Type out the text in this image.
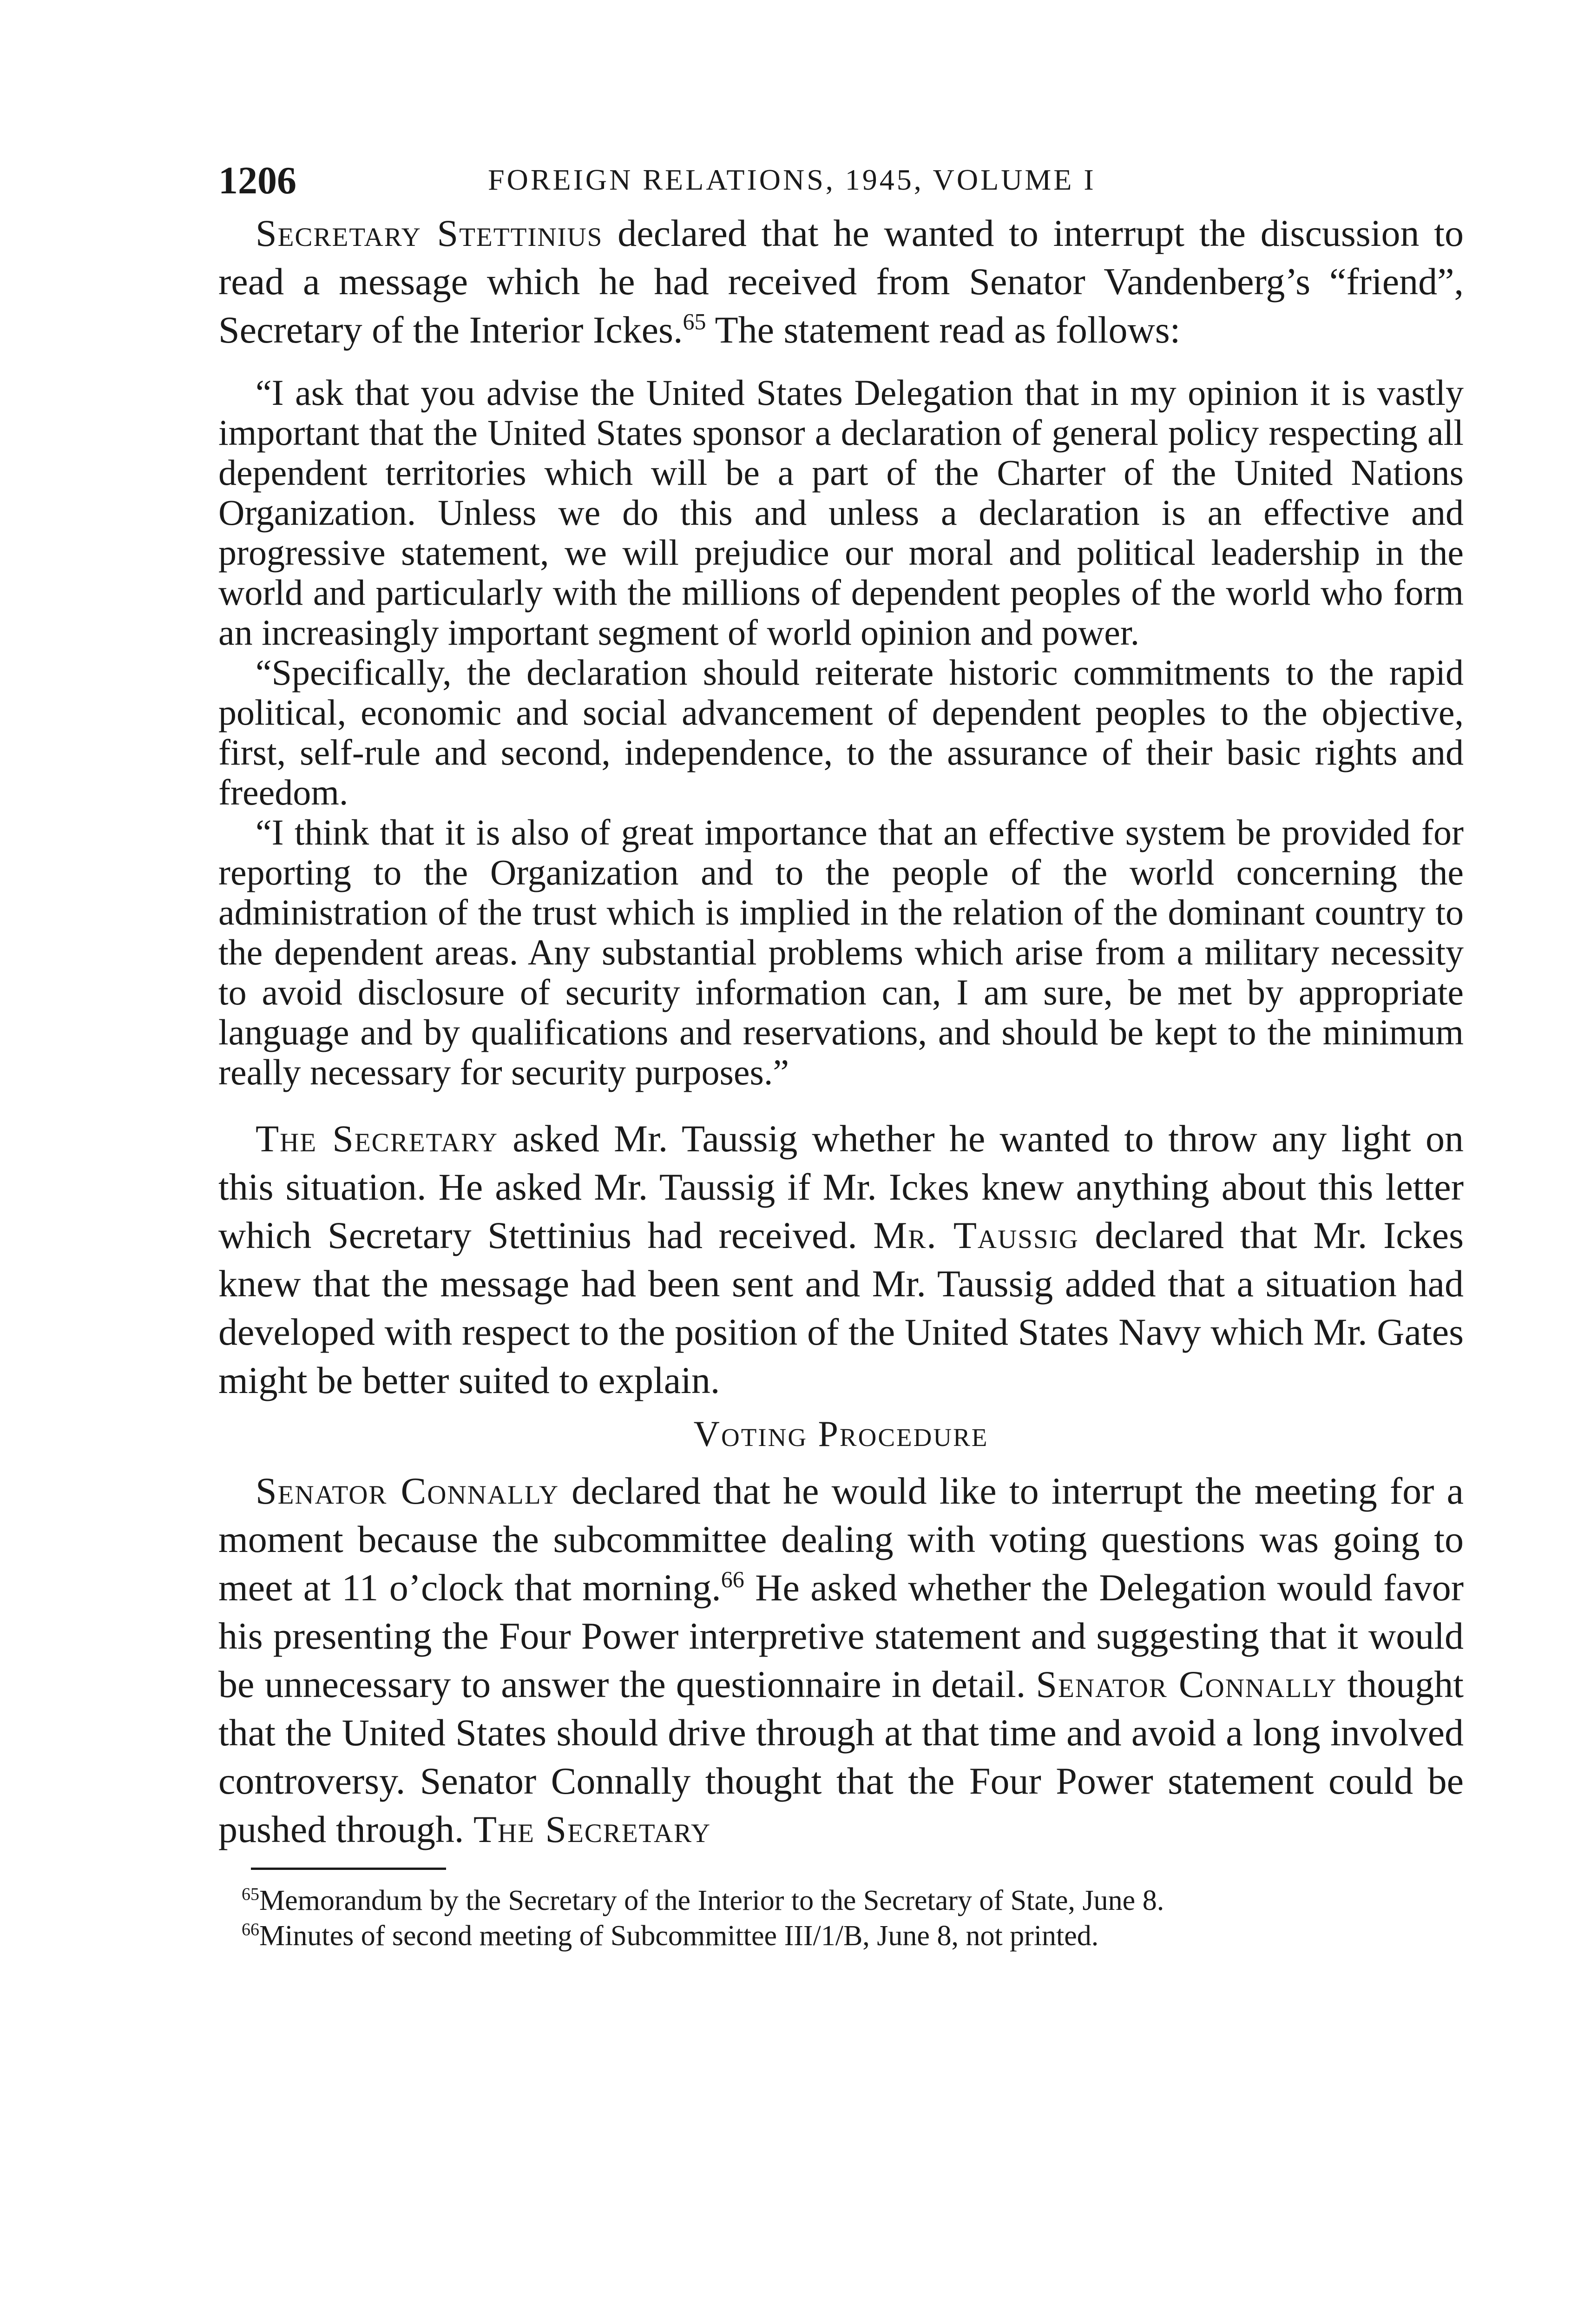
1206	FOREIGN RELATIONS, 1945, VOLUME I

Secretary Stettinius declared that he wanted to interrupt the discussion to read a message which he had received from Senator Vandenberg’s “friend”, Secretary of the Interior Ickes.$^{65}$ The statement read as follows:

“I ask that you advise the United States Delegation that in my opinion it is vastly important that the United States sponsor a declaration of general policy respecting all dependent territories which will be a part of the Charter of the United Nations Organization. Unless we do this and unless a declaration is an effective and progressive statement, we will prejudice our moral and political leadership in the world and particularly with the millions of dependent peoples of the world who form an increasingly important segment of world opinion and power.

“Specifically, the declaration should reiterate historic commitments to the rapid political, economic and social advancement of dependent peoples to the objective, first, self-rule and second, independence, to the assurance of their basic rights and freedom.

“I think that it is also of great importance that an effective system be provided for reporting to the Organization and to the people of the world concerning the administration of the trust which is implied in the relation of the dominant country to the dependent areas. Any substantial problems which arise from a military necessity to avoid disclosure of security information can, I am sure, be met by appropriate language and by qualifications and reservations, and should be kept to the minimum really necessary for security purposes.”

The Secretary asked Mr. Taussig whether he wanted to throw any light on this situation. He asked Mr. Taussig if Mr. Ickes knew anything about this letter which Secretary Stettinius had received. Mr. Taussig declared that Mr. Ickes knew that the message had been sent and Mr. Taussig added that a situation had developed with respect to the position of the United States Navy which Mr. Gates might be better suited to explain.

Voting Procedure

Senator Connally declared that he would like to interrupt the meeting for a moment because the subcommittee dealing with voting questions was going to meet at 11 o’clock that morning.$^{66}$ He asked whether the Delegation would favor his presenting the Four Power interpretive statement and suggesting that it would be unnecessary to answer the questionnaire in detail. Senator Connally thought that the United States should drive through at that time and avoid a long involved controversy. Senator Connally thought that the Four Power statement could be pushed through. The Secretary

$^{65}$Memorandum by the Secretary of the Interior to the Secretary of State, June 8.

$^{66}$Minutes of second meeting of Subcommittee III/1/B, June 8, not printed.
